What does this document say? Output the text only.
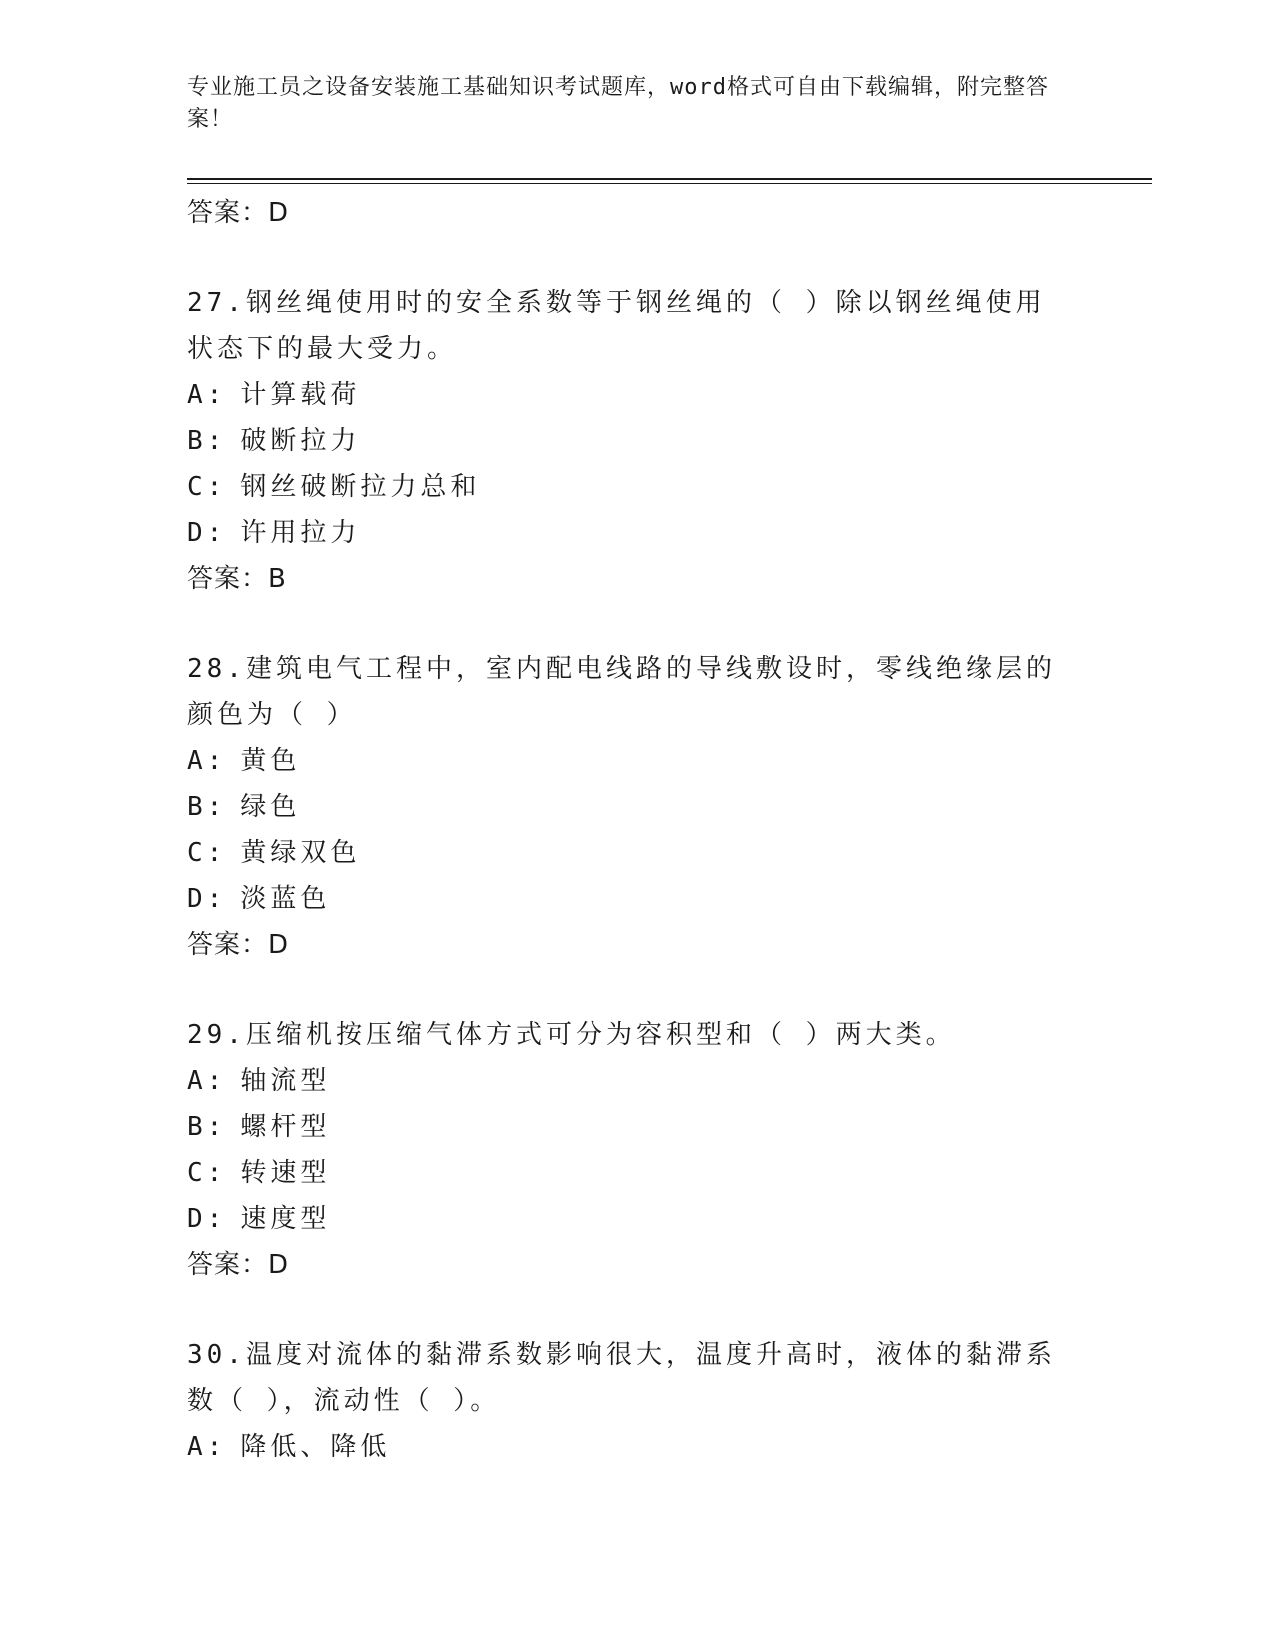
专业施工员之设备安装施工基础知识考试题库，word格式可自由下载编辑，附完整答案！
答案：D
27.钢丝绳使用时的安全系数等于钢丝绳的（ ）除以钢丝绳使用状态下的最大受力。
A: 计算载荷
B: 破断拉力
C: 钢丝破断拉力总和
D: 许用拉力
答案：B
28.建筑电气工程中，室内配电线路的导线敷设时，零线绝缘层的颜色为（ ）
A: 黄色
B: 绿色
C: 黄绿双色
D: 淡蓝色
答案：D
29.压缩机按压缩气体方式可分为容积型和（ ）两大类。
A: 轴流型
B: 螺杆型
C: 转速型
D: 速度型
答案：D
30.温度对流体的黏滞系数影响很大，温度升高时，液体的黏滞系数（ ），流动性（ ）。
A: 降低、降低
